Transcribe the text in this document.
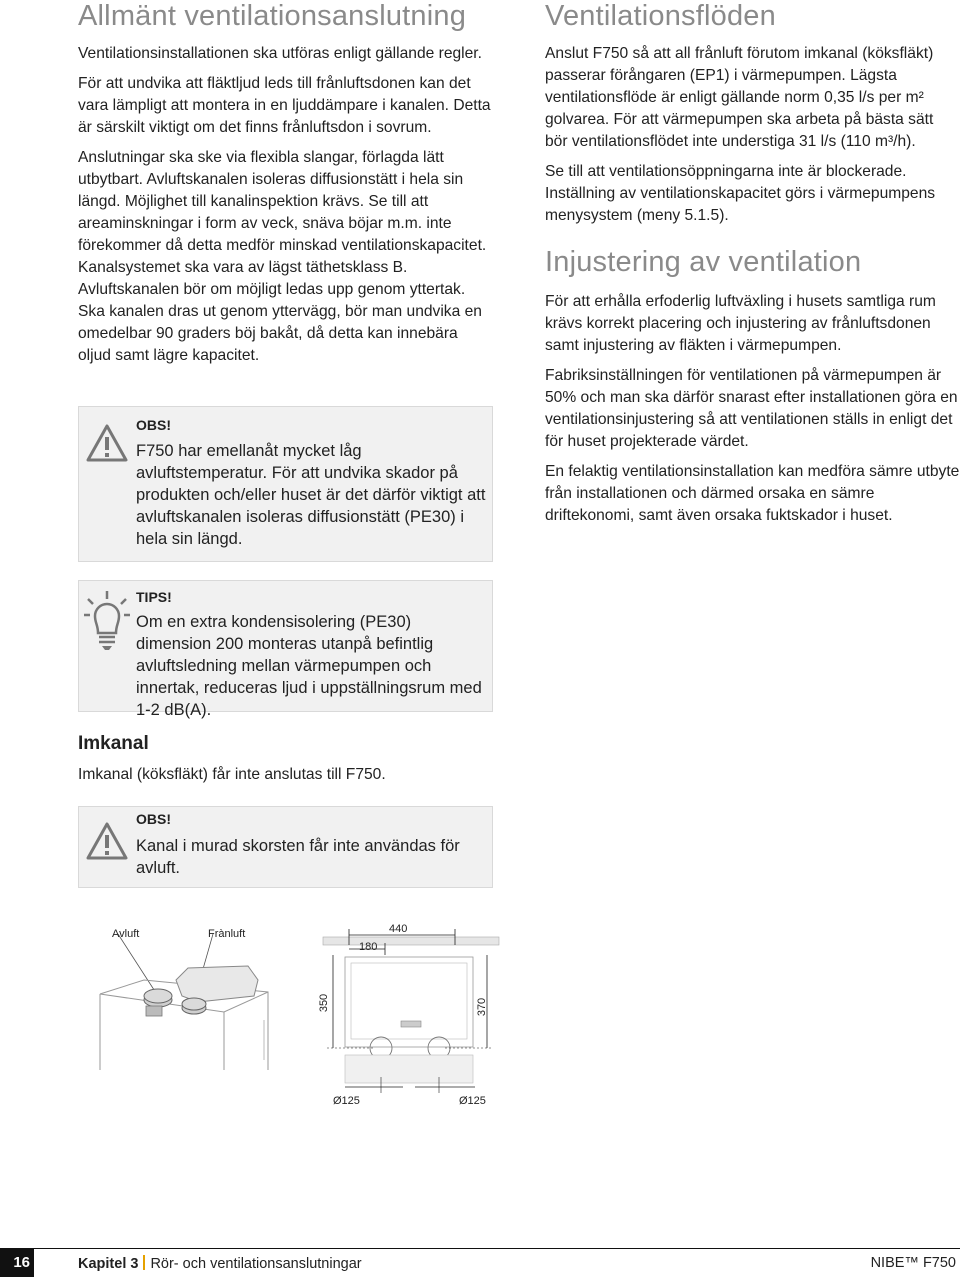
Allmänt ventilationsanslutning

Ventilationsinstallationen ska utföras enligt gällande regler.

För att undvika att fläktljud leds till frånluftsdonen kan det vara lämpligt att montera in en ljuddämpare i kanalen. Detta är särskilt viktigt om det finns frånluftsdon i sovrum.

Anslutningar ska ske via flexibla slangar, förlagda lätt utbytbart. Avluftskanalen isoleras diffusionstätt i hela sin längd. Möjlighet till kanalinspektion krävs. Se till att areaminskningar i form av veck, snäva böjar m.m. inte förekommer då detta medför minskad ventilationskapacitet. Kanalsystemet ska vara av lägst täthetsklass B. Avluftskanalen bör om möjligt ledas upp genom yttertak. Ska kanalen dras ut genom yttervägg, bör man undvika en omedelbar 90 graders böj bakåt, då detta kan innebära oljud samt lägre kapacitet.

OBS!

F750 har emellanåt mycket låg avluftstemperatur. För att undvika skador på produkten och/eller huset är det därför viktigt att avluftskanalen isoleras diffusionstätt (PE30) i hela sin längd.

TIPS!

Om en extra kondensisolering (PE30) dimension 200 monteras utanpå befintlig avluftsledning mellan värmepumpen och innertak, reduceras ljud i uppställningsrum med 1-2 dB(A).

Imkanal

Imkanal (köksfläkt) får inte anslutas till F750.

OBS!

Kanal i murad skorsten får inte användas för avluft.

Avluft	Frànluft	440
180
350	370
Ø125	Ø125
Ventilationsflöden

Anslut F750 så att all frånluft förutom imkanal (köksfläkt) passerar förångaren (EP1) i värmepumpen. Lägsta ventilationsflöde är enligt gällande norm 0,35 l/s per m² golvarea. För att värmepumpen ska arbeta på bästa sätt bör ventilationsflödet inte understiga 31 l/s (110 m³/h).

Se till att ventilationsöppningarna inte är blockerade. Inställning av ventilationskapacitet görs i värmepumpens menysystem (meny 5.1.5).

Injustering av ventilation

För att erhålla erfoderlig luftväxling i husets samtliga rum krävs korrekt placering och injustering av frånluftsdonen samt injustering av fläkten i värmepumpen.

Fabriksinställningen för ventilationen på värmepumpen är 50% och man ska därför snarast efter installationen göra en ventilationsinjustering så att ventilationen ställs in enligt det för huset projekterade värdet.

En felaktig ventilationsinstallation kan medföra sämre utbyte från installationen och därmed orsaka en sämre driftekonomi, samt även orsaka fuktskador i huset.

16	Kapitel 3 Rör- och ventilationsanslutningar	NIBE™ F750
